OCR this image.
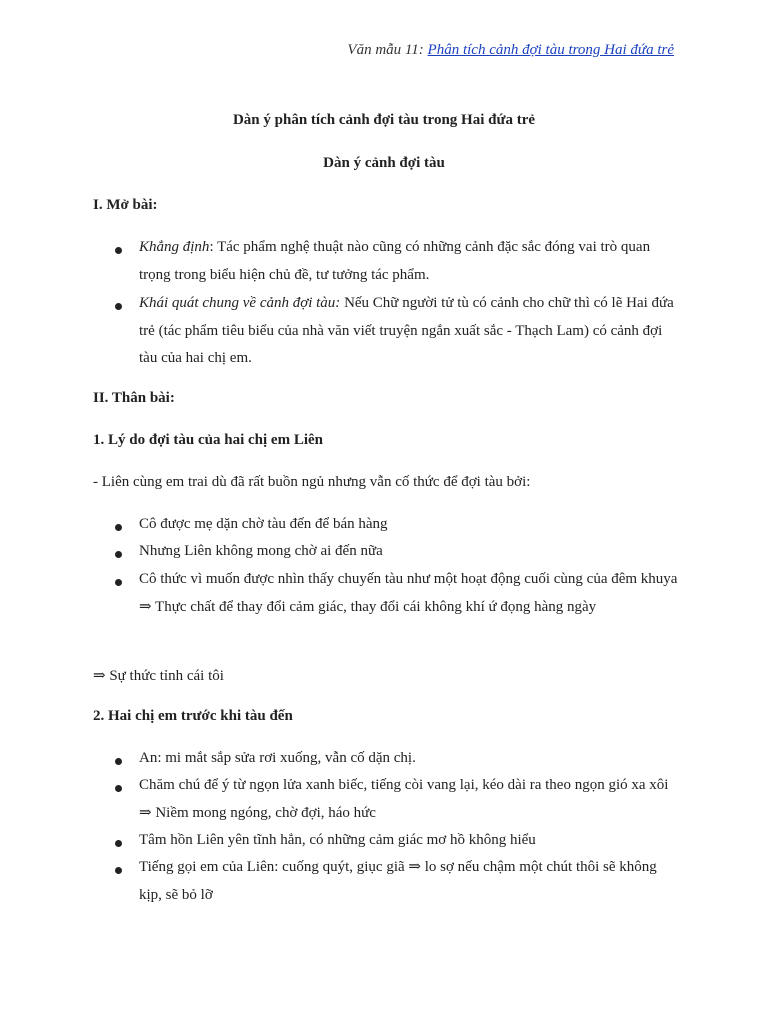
Văn mẫu 11: Phân tích cảnh đợi tàu trong Hai đứa trẻ
Dàn ý phân tích cảnh đợi tàu trong Hai đứa trẻ
Dàn ý cảnh đợi tàu
I. Mở bài:
Khẳng định: Tác phẩm nghệ thuật nào cũng có những cảnh đặc sắc đóng vai trò quan trọng trong biểu hiện chủ đề, tư tưởng tác phẩm.
Khái quát chung về cảnh đợi tàu: Nếu Chữ người tử tù có cảnh cho chữ thì có lẽ Hai đứa trẻ (tác phẩm tiêu biểu của nhà văn viết truyện ngắn xuất sắc - Thạch Lam) có cảnh đợi tàu của hai chị em.
II. Thân bài:
1. Lý do đợi tàu của hai chị em Liên
- Liên cùng em trai dù đã rất buồn ngủ nhưng vẫn cố thức để đợi tàu bởi:
Cô được mẹ dặn chờ tàu đến để bán hàng
Nhưng Liên không mong chờ ai đến nữa
Cô thức vì muốn được nhìn thấy chuyến tàu như một hoạt động cuối cùng của đêm khuya ⇒ Thực chất để thay đổi cảm giác, thay đổi cái không khí ứ đọng hàng ngày
⇒ Sự thức tỉnh cái tôi
2. Hai chị em trước khi tàu đến
An: mi mắt sắp sửa rơi xuống, vẫn cố dặn chị.
Chăm chú để ý từ ngọn lửa xanh biếc, tiếng còi vang lại, kéo dài ra theo ngọn gió xa xôi ⇒ Niềm mong ngóng, chờ đợi, háo hức
Tâm hồn Liên yên tĩnh hẳn, có những cảm giác mơ hồ không hiểu
Tiếng gọi em của Liên: cuống quýt, giục giã ⇒ lo sợ nếu chậm một chút thôi sẽ không kịp, sẽ bỏ lỡ
